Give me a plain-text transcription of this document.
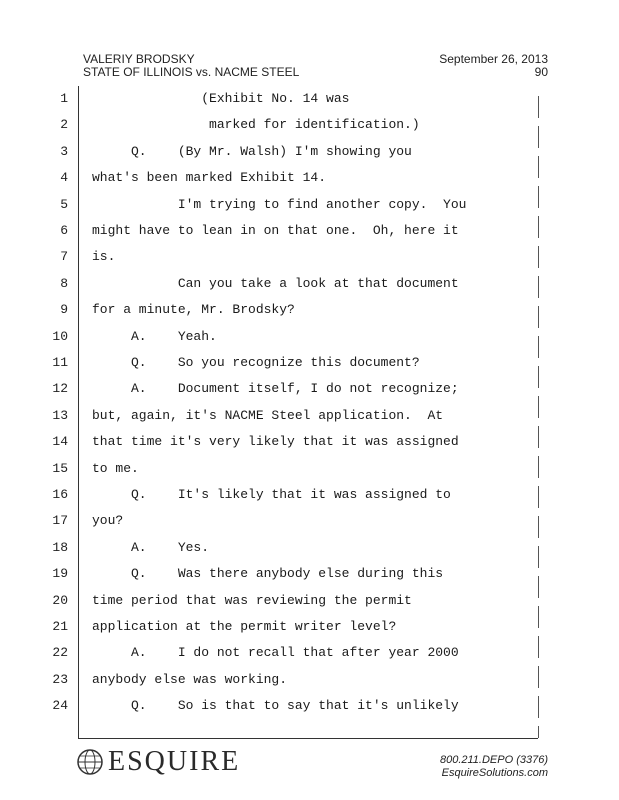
VALERIY BRODSKY
STATE OF ILLINOIS vs. NACME STEEL
September 26, 2013
90
1 (Exhibit No. 14 was
2 marked for identification.)
3 Q.    (By Mr. Walsh) I'm showing you
4 what's been marked Exhibit 14.
5 I'm trying to find another copy.  You
6 might have to lean in on that one.  Oh, here it
7 is.
8 Can you take a look at that document
9 for a minute, Mr. Brodsky?
10 A.    Yeah.
11 Q.    So you recognize this document?
12 A.    Document itself, I do not recognize;
13 but, again, it's NACME Steel application.  At
14 that time it's very likely that it was assigned
15 to me.
16 Q.    It's likely that it was assigned to
17 you?
18 A.    Yes.
19 Q.    Was there anybody else during this
20 time period that was reviewing the permit
21 application at the permit writer level?
22 A.    I do not recall that after year 2000
23 anybody else was working.
24 Q.    So is that to say that it's unlikely
ESQUIRE	800.211.DEPO (3376)
EsquireSolutions.com
